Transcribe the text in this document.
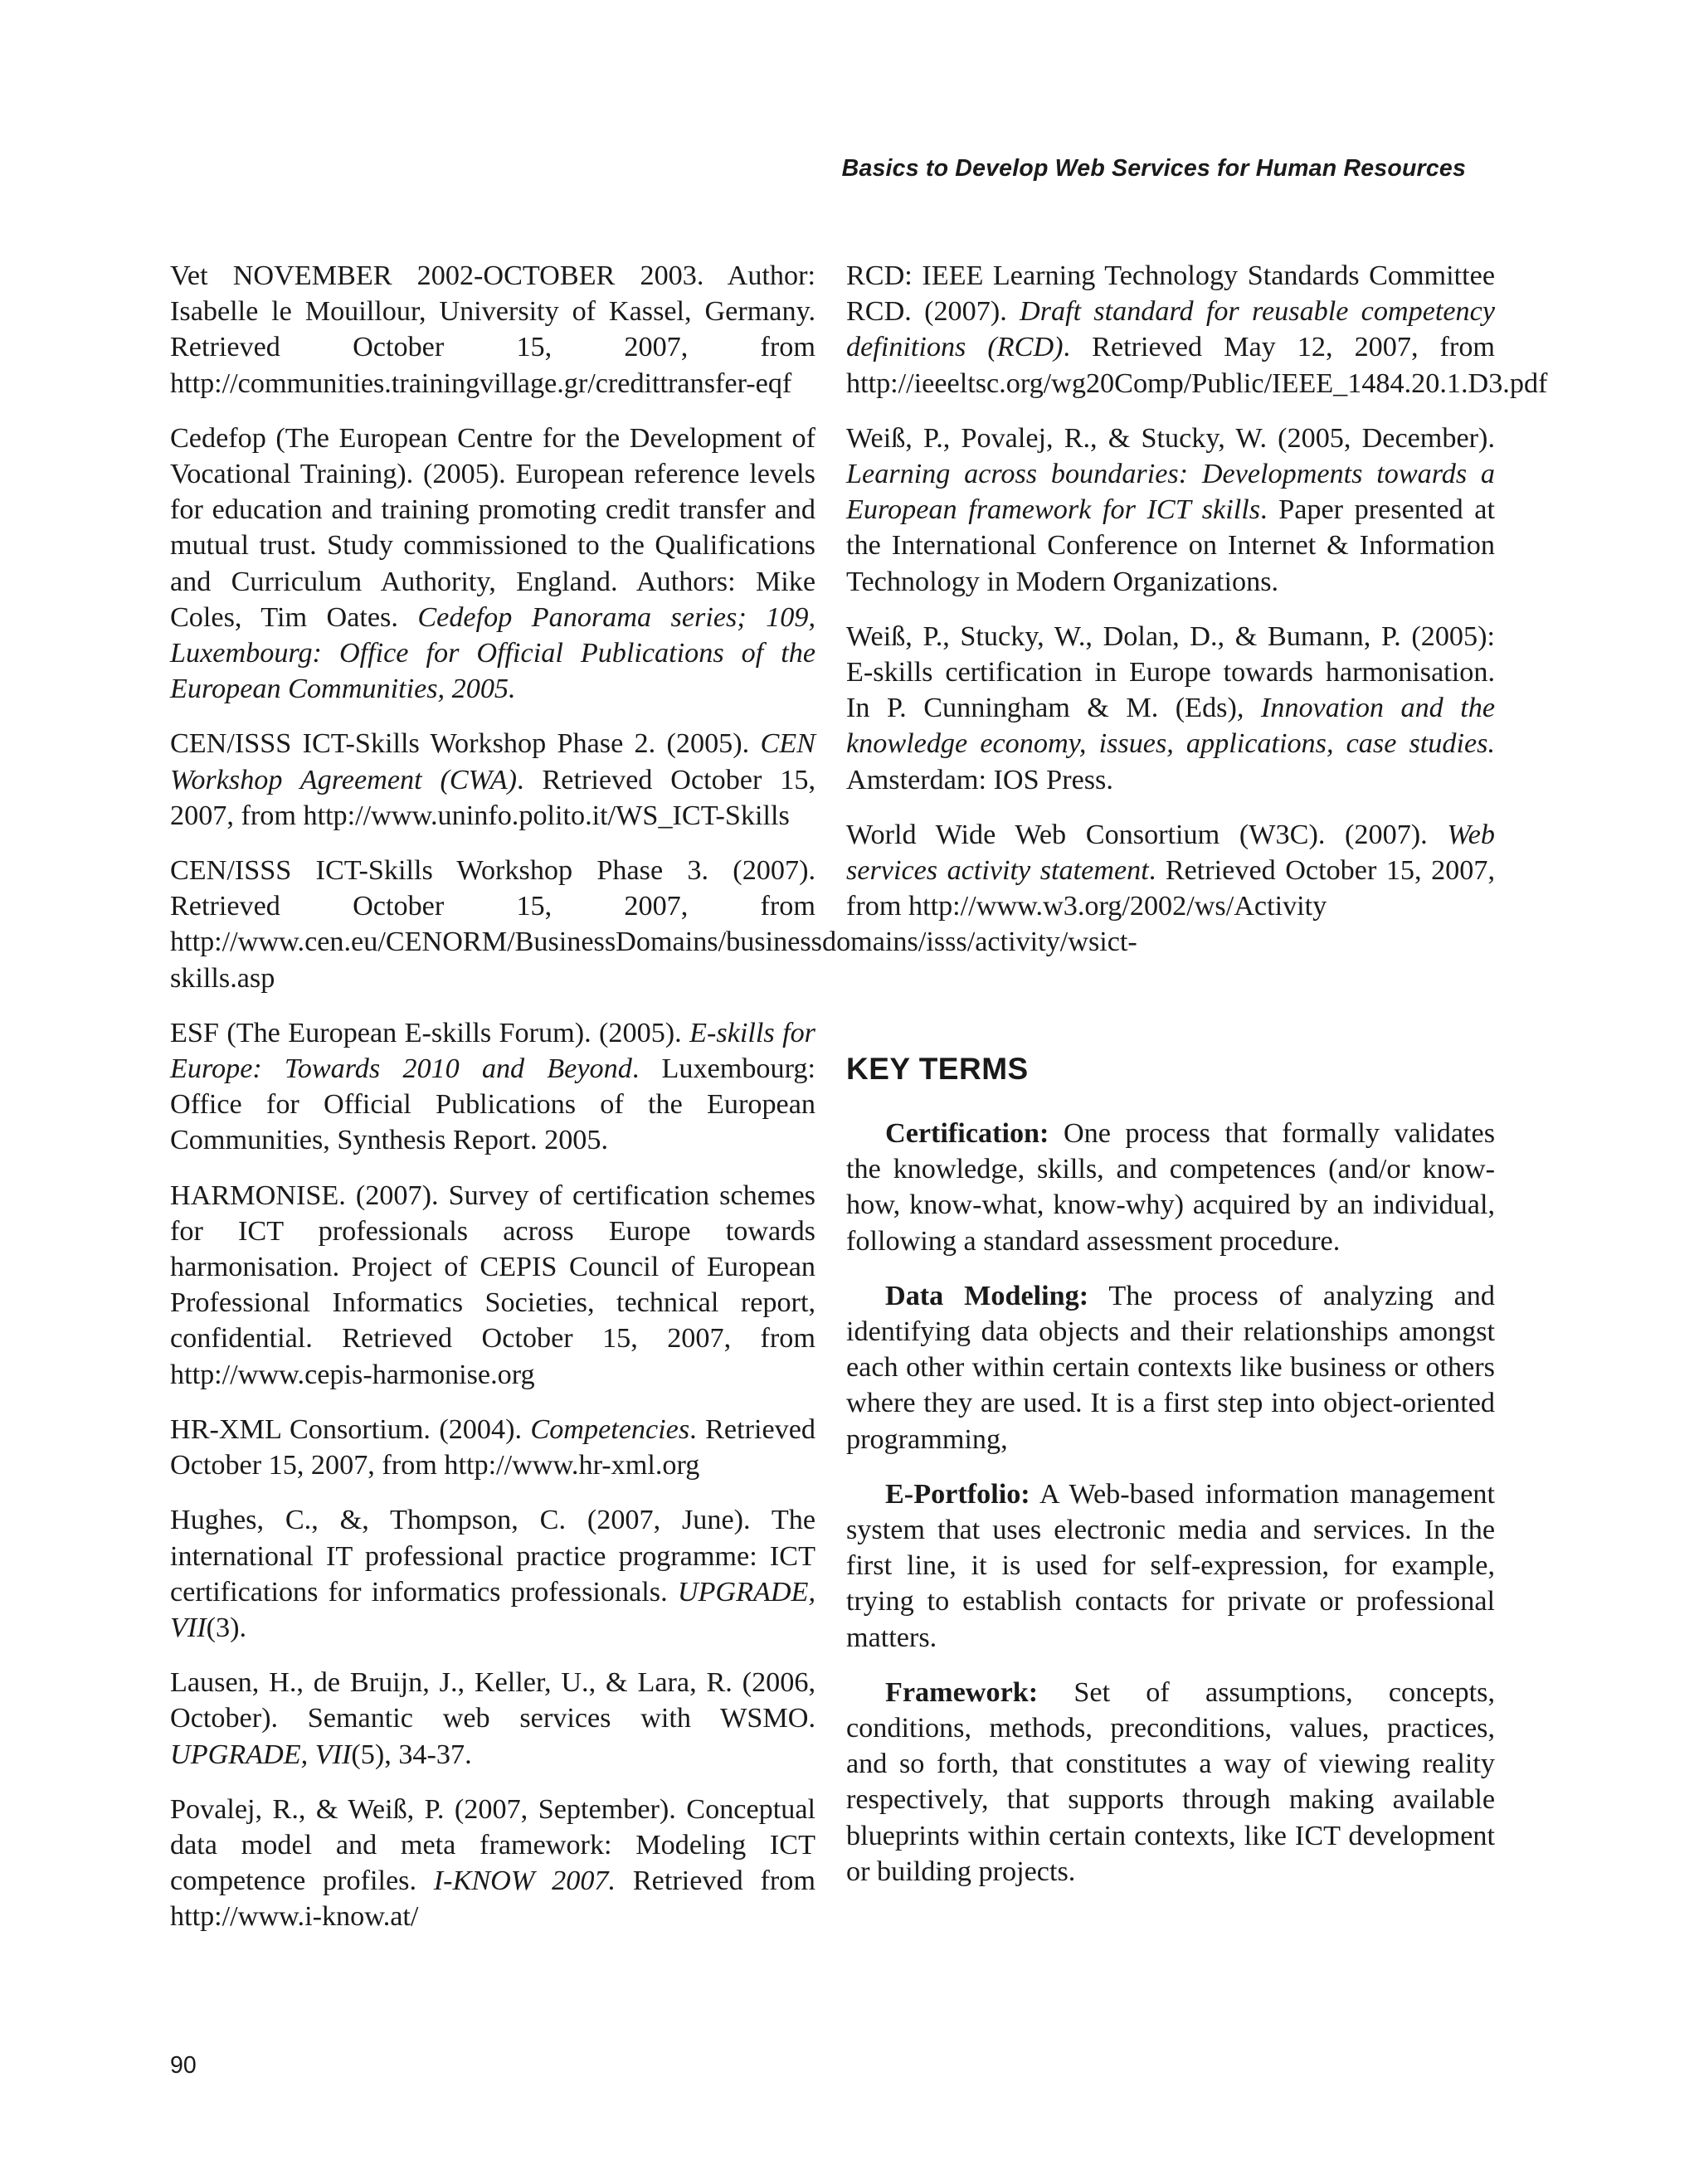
Basics to Develop Web Services for Human Resources

Vet NOVEMBER 2002-OCTOBER 2003. Author: Isabelle le Mouillour, University of Kassel, Germany. Retrieved October 15, 2007, from http://communities.trainingvillage.gr/credittransfer-eqf

Cedefop (The European Centre for the Development of Vocational Training). (2005). European reference levels for education and training promoting credit transfer and mutual trust. Study commissioned to the Qualifications and Curriculum Authority, England. Authors: Mike Coles, Tim Oates. Cedefop Panorama series; 109, Luxembourg: Office for Official Publications of the European Communities, 2005.

CEN/ISSS ICT-Skills Workshop Phase 2. (2005). CEN Workshop Agreement (CWA). Retrieved October 15, 2007, from http://www.uninfo.polito.it/WS_ICT-Skills

CEN/ISSS ICT-Skills Workshop Phase 3. (2007). Retrieved October 15, 2007, from http://www.cen.eu/CENORM/BusinessDomains/businessdomains/isss/activity/wsict-skills.asp

ESF (The European E-skills Forum). (2005). E-skills for Europe: Towards 2010 and Beyond. Luxembourg: Office for Official Publications of the European Communities, Synthesis Report. 2005.

HARMONISE. (2007). Survey of certification schemes for ICT professionals across Europe towards harmonisation. Project of CEPIS Council of European Professional Informatics Societies, technical report, confidential. Retrieved October 15, 2007, from http://www.cepis-harmonise.org

HR-XML Consortium. (2004). Competencies. Retrieved October 15, 2007, from http://www.hr-xml.org

Hughes, C., &, Thompson, C. (2007, June). The international IT professional practice programme: ICT certifications for informatics professionals. UPGRADE, VII(3).

Lausen, H., de Bruijn, J., Keller, U., & Lara, R. (2006, October). Semantic web services with WSMO. UPGRADE, VII(5), 34-37.

Povalej, R., & Weiß, P. (2007, September). Conceptual data model and meta framework: Modeling ICT competence profiles. I-KNOW 2007. Retrieved from http://www.i-know.at/

RCD: IEEE Learning Technology Standards Committee RCD. (2007). Draft standard for reusable competency definitions (RCD). Retrieved May 12, 2007, from http://ieeeltsc.org/wg20Comp/Public/IEEE_1484.20.1.D3.pdf

Weiß, P., Povalej, R., & Stucky, W. (2005, December). Learning across boundaries: Developments towards a European framework for ICT skills. Paper presented at the International Conference on Internet & Information Technology in Modern Organizations.

Weiß, P., Stucky, W., Dolan, D., & Bumann, P. (2005): E-skills certification in Europe towards harmonisation. In P. Cunningham & M. (Eds), Innovation and the knowledge economy, issues, applications, case studies. Amsterdam: IOS Press.

World Wide Web Consortium (W3C). (2007). Web services activity statement. Retrieved October 15, 2007, from http://www.w3.org/2002/ws/Activity

KEY TERMS

Certification: One process that formally validates the knowledge, skills, and competences (and/or know-how, know-what, know-why) acquired by an individual, following a standard assessment procedure.

Data Modeling: The process of analyzing and identifying data objects and their relationships amongst each other within certain contexts like business or others where they are used. It is a first step into object-oriented programming,

E-Portfolio: A Web-based information management system that uses electronic media and services. In the first line, it is used for self-expression, for example, trying to establish contacts for private or professional matters.

Framework: Set of assumptions, concepts, conditions, methods, preconditions, values, practices, and so forth, that constitutes a way of viewing reality respectively, that supports through making available blueprints within certain contexts, like ICT development or building projects.

90
